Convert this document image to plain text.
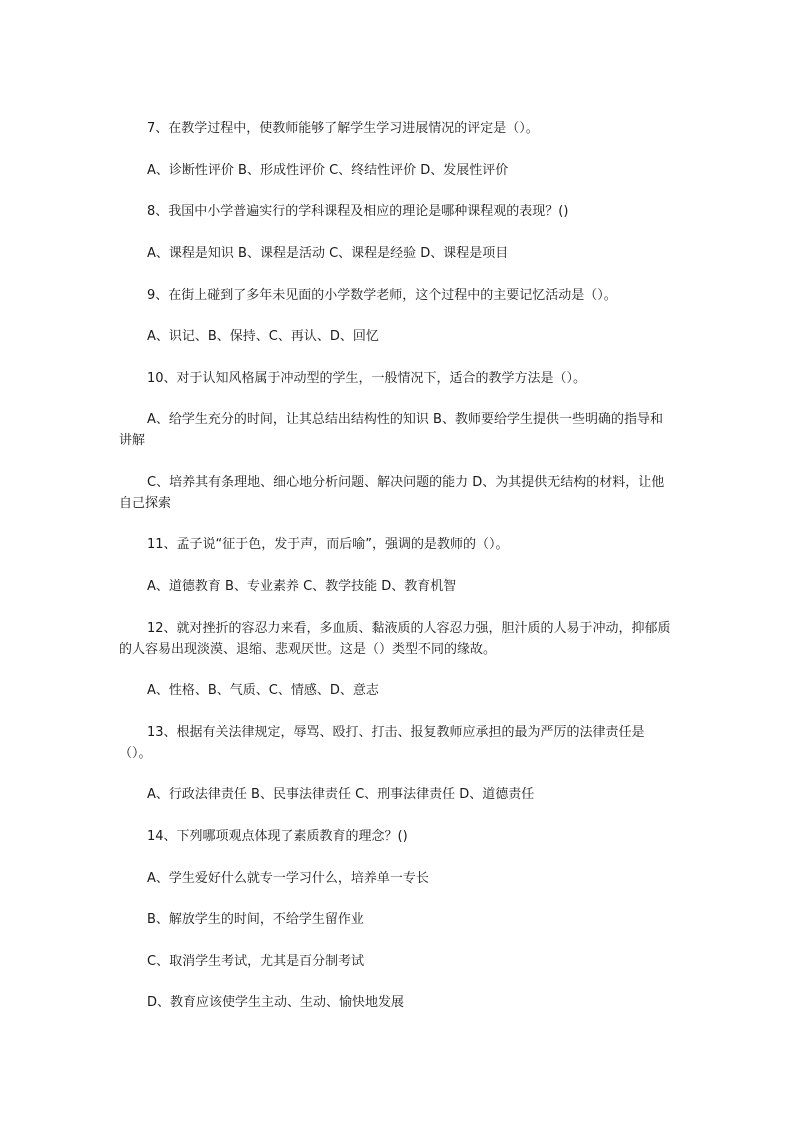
7、在教学过程中，使教师能够了解学生学习进展情况的评定是（）。

A、诊断性评价 B、形成性评价 C、终结性评价 D、发展性评价

8、我国中小学普遍实行的学科课程及相应的理论是哪种课程观的表现？()

A、课程是知识 B、课程是活动 C、课程是经验 D、课程是项目

9、在街上碰到了多年未见面的小学数学老师，这个过程中的主要记忆活动是（）。

A、识记、B、保持、C、再认、D、回忆

10、对于认知风格属于冲动型的学生，一般情况下，适合的教学方法是（）。

A、给学生充分的时间，让其总结出结构性的知识 B、教师要给学生提供一些明确的指导和讲解

C、培养其有条理地、细心地分析问题、解决问题的能力 D、为其提供无结构的材料，让他自己探索

11、孟子说“征于色，发于声，而后喻”，强调的是教师的（）。

A、道德教育 B、专业素养 C、教学技能 D、教育机智

12、就对挫折的容忍力来看，多血质、黏液质的人容忍力强，胆汁质的人易于冲动，抑郁质的人容易出现淡漠、退缩、悲观厌世。这是（）类型不同的缘故。

A、性格、B、气质、C、情感、D、意志

13、根据有关法律规定，辱骂、殴打、打击、报复教师应承担的最为严厉的法律责任是（）。

A、行政法律责任 B、民事法律责任 C、刑事法律责任 D、道德责任

14、下列哪项观点体现了素质教育的理念？()

A、学生爱好什么就专一学习什么，培养单一专长

B、解放学生的时间，不给学生留作业

C、取消学生考试，尤其是百分制考试

D、教育应该使学生主动、生动、愉快地发展
